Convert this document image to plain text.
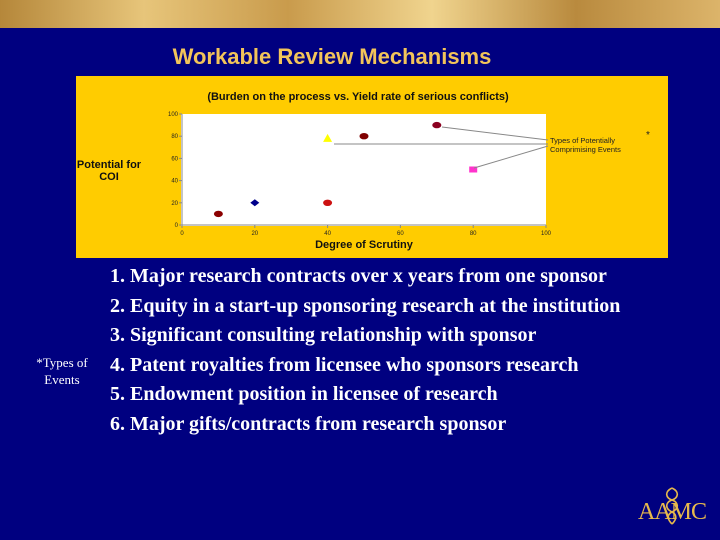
Workable Review Mechanisms
(Burden on the process vs. Yield rate of serious conflicts)
Degree of Scrutiny
Potential for
COI
0	20	40	60	80	100
0
20
40
60
80
100
Types of Potentially
Comprimising Events
*
*Types of Events
1. Major research contracts over x years from one sponsor
2. Equity in a start-up sponsoring research at the institution
3. Significant consulting relationship with sponsor
4. Patent royalties from licensee who sponsors research
5. Endowment position in licensee of research
6. Major gifts/contracts from research sponsor
AAMC
